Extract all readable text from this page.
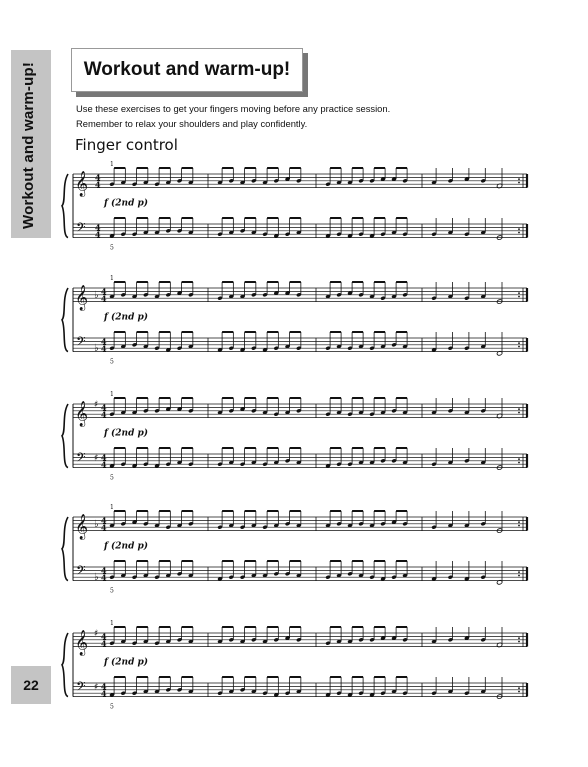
Workout and warm-up!
22
Workout and warm-up!

Use these exercises to get your fingers moving before any practice session.

Remember to relax your shoulders and play confidently.

Finger control
𝄞
𝄢
4
4
4
4
1
5
f (2nd p)
𝄞
𝄢
♭
♭
4
4
4
4
1
5
f (2nd p)
𝄞
𝄢
♯
♯
4
4
4
4
1
5
f (2nd p)
𝄞
𝄢
♭
♭
4
4
4
4
1
5
f (2nd p)
𝄞
𝄢
♯
♯
4
4
4
4
1
5
f (2nd p)
